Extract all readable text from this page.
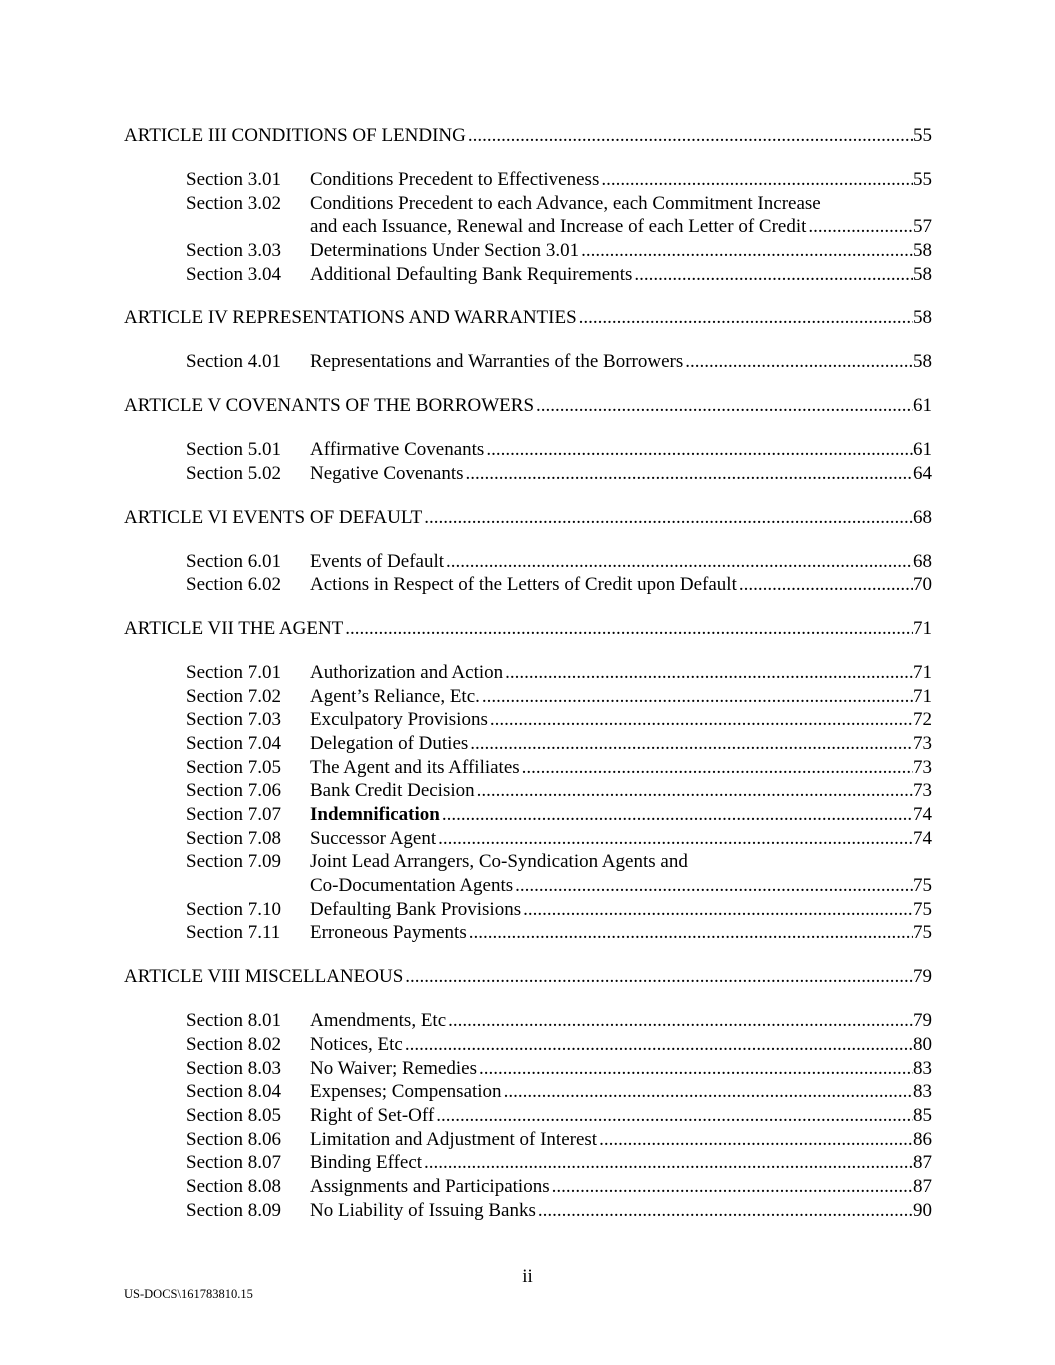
ARTICLE III CONDITIONS OF LENDING .....	55
Section 3.01	Conditions Precedent to Effectiveness .....	55
Section 3.02	Conditions Precedent to each Advance, each Commitment Increase
and each Issuance, Renewal and Increase of each Letter of Credit .....	57
Section 3.03	Determinations Under Section 3.01 .....	58
Section 3.04	Additional Defaulting Bank Requirements .....	58
ARTICLE IV REPRESENTATIONS AND WARRANTIES .....	58
Section 4.01	Representations and Warranties of the Borrowers .....	58
ARTICLE V COVENANTS OF THE BORROWERS .....	61
Section 5.01	Affirmative Covenants .....	61
Section 5.02	Negative Covenants .....	64
ARTICLE VI EVENTS OF DEFAULT .....	68
Section 6.01	Events of Default .....	68
Section 6.02	Actions in Respect of the Letters of Credit upon Default .....	70
ARTICLE VII THE AGENT .....	71
Section 7.01	Authorization and Action .....	71
Section 7.02	Agent’s Reliance, Etc. .....	71
Section 7.03	Exculpatory Provisions .....	72
Section 7.04	Delegation of Duties .....	73
Section 7.05	The Agent and its Affiliates .....	73
Section 7.06	Bank Credit Decision .....	73
Section 7.07	Indemnification .....	74
Section 7.08	Successor Agent .....	74
Section 7.09	Joint Lead Arrangers, Co-Syndication Agents and
Co-Documentation Agents .....	75
Section 7.10	Defaulting Bank Provisions .....	75
Section 7.11	Erroneous Payments .....	75
ARTICLE VIII MISCELLANEOUS .....	79
Section 8.01	Amendments, Etc .....	79
Section 8.02	Notices, Etc .....	80
Section 8.03	No Waiver; Remedies .....	83
Section 8.04	Expenses; Compensation .....	83
Section 8.05	Right of Set-Off .....	85
Section 8.06	Limitation and Adjustment of Interest .....	86
Section 8.07	Binding Effect .....	87
Section 8.08	Assignments and Participations .....	87
Section 8.09	No Liability of Issuing Banks .....	90
ii
US-DOCS\161783810.15
